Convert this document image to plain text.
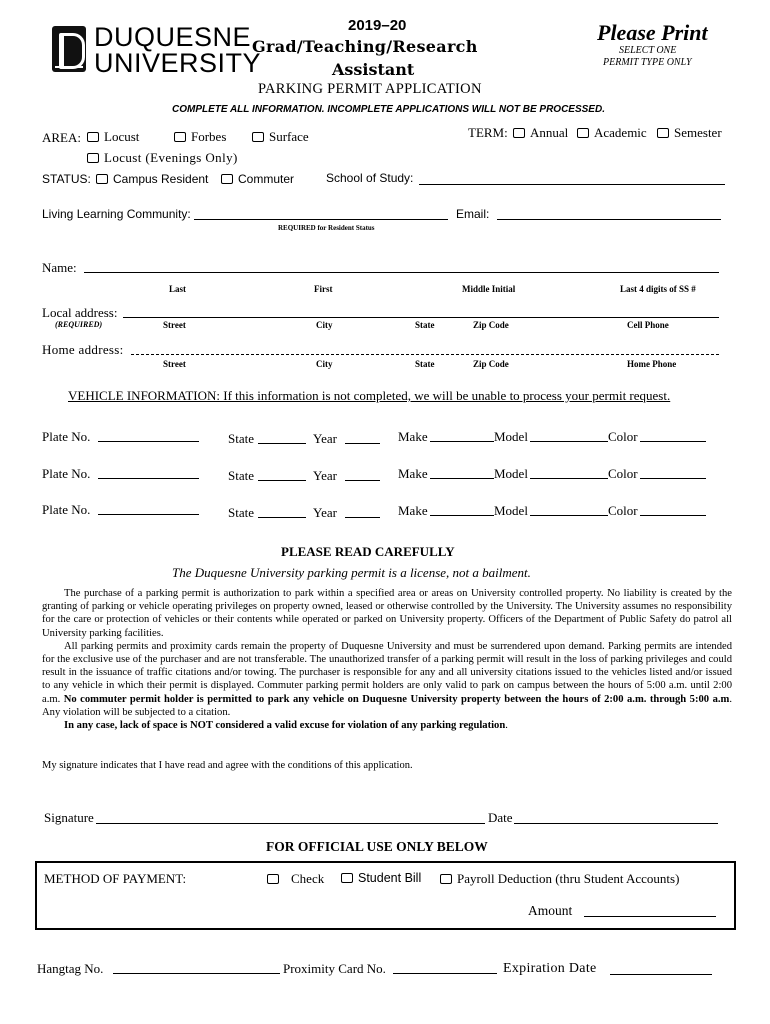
DUQUESNE
UNIVERSITY
2019–20
Grad/Teaching/Research
Assistant
Please Print
SELECT ONE
PERMIT TYPE ONLY
PARKING PERMIT APPLICATION
COMPLETE ALL INFORMATION. INCOMPLETE APPLICATIONS WILL NOT BE PROCESSED.
AREA:	Locust	Forbes	Surface
Locust (Evenings Only)
TERM:	Annual	Academic	Semester
STATUS:	Campus Resident	Commuter	School of Study:
Living Learning Community:
REQUIRED for Resident Status
Email:
Name:
Last	First	Middle Initial	Last 4 digits of SS #
Local address:
(REQUIRED)	Street	City	State	Zip Code	Cell Phone
Home address:
Street	City	State	Zip Code	Home Phone
VEHICLE INFORMATION: If this information is not completed, we will be unable to process your permit request.
Plate No.	State	Year	Make	Model	Color
Plate No.	State	Year	Make	Model	Color
Plate No.	State	Year	Make	Model	Color
PLEASE READ CAREFULLY
The Duquesne University parking permit is a license, not a bailment.

The purchase of a parking permit is authorization to park within a specified area or areas on University controlled property. No liability is created by the granting of parking or vehicle operating privileges on property owned, leased or otherwise controlled by the University. The University assumes no responsibility for the care or protection of vehicles or their contents while operated or parked on University property. Officers of the Department of Public Safety do patrol all University parking facilities.

All parking permits and proximity cards remain the property of Duquesne University and must be surrendered upon demand. Parking permits are intended for the exclusive use of the purchaser and are not transferable. The unauthorized transfer of a parking permit will result in the loss of parking privileges and could result in the issuance of traffic citations and/or towing. The purchaser is responsible for any and all university citations issued to the vehicles listed and/or issued to any vehicle in which their permit is displayed. Commuter parking permit holders are only valid to park on campus between the hours of 5:00 a.m. until 2:00 a.m. No commuter permit holder is permitted to park any vehicle on Duquesne University property between the hours of 2:00 a.m. through 5:00 a.m. Any violation will be subjected to a citation.

In any case, lack of space is NOT considered a valid excuse for violation of any parking regulation.

My signature indicates that I have read and agree with the conditions of this application.
Signature	Date
FOR OFFICIAL USE ONLY BELOW
METHOD OF PAYMENT:	Check	Student Bill	Payroll Deduction (thru Student Accounts)
Amount
Hangtag No.	Proximity Card No.	Expiration Date
